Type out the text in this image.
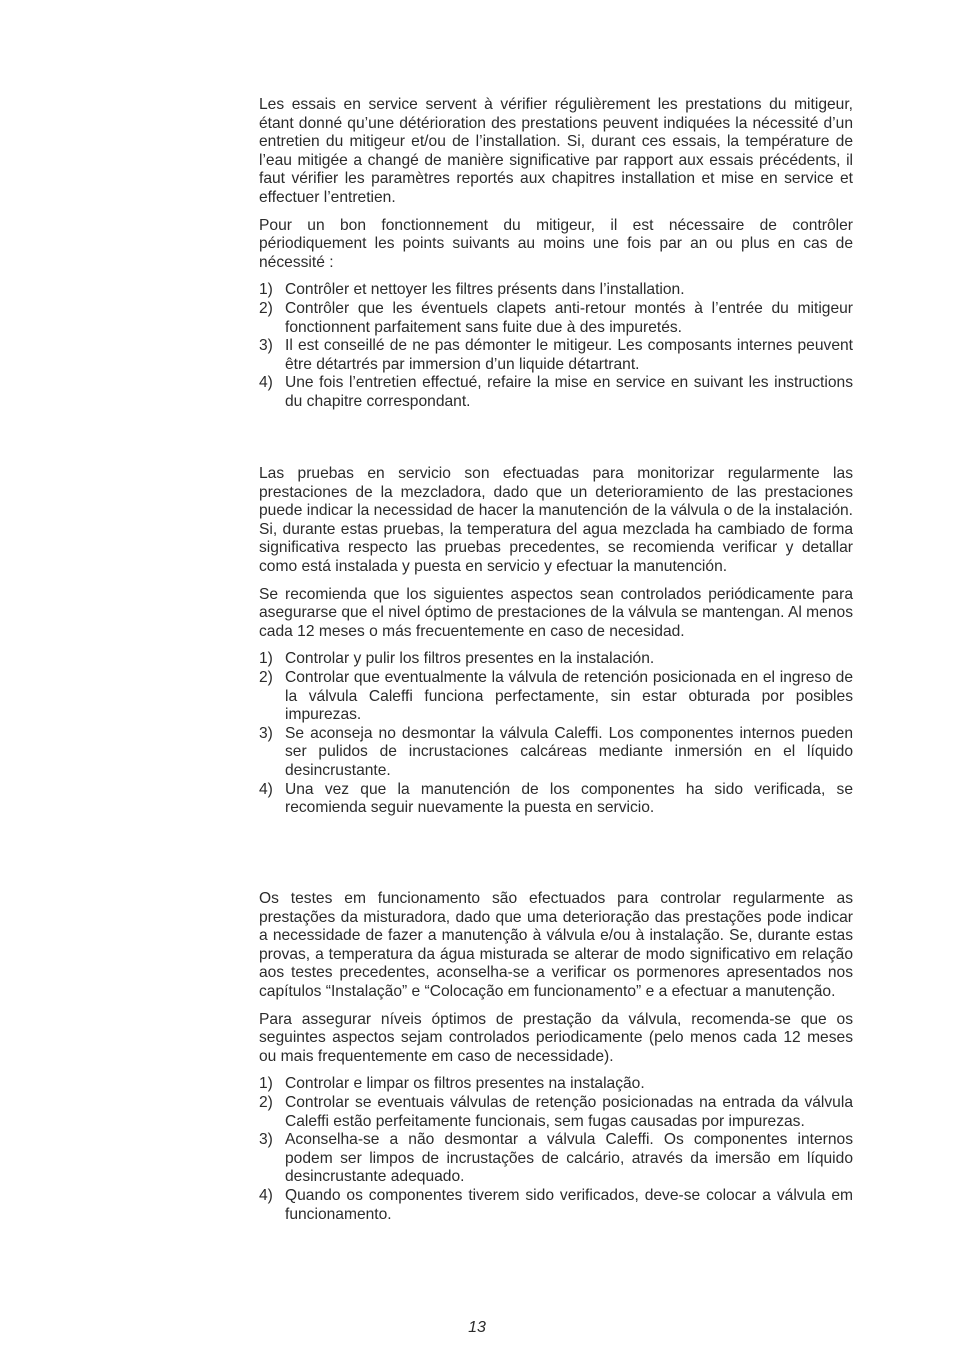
Les essais en service servent à vérifier régulièrement les prestations du mitigeur, étant donné qu’une détérioration des prestations peuvent indiquées la nécessité d’un entretien du mitigeur et/ou de l’installation. Si, durant ces essais, la température de l’eau mitigée a changé de manière significative par rapport aux essais précédents, il faut vérifier les paramètres reportés aux chapitres installation et mise en service et effectuer l’entretien.

Pour un bon fonctionnement du mitigeur, il est nécessaire de contrôler périodiquement les points suivants au moins une fois par an ou plus en cas de nécessité :

1) Contrôler et nettoyer les filtres présents dans l’installation.
2) Contrôler que les éventuels clapets anti-retour montés à l’entrée du mitigeur fonctionnent parfaitement sans fuite due à des impuretés.
3) Il est conseillé de ne pas démonter le mitigeur. Les composants internes peuvent être détartrés par immersion d’un liquide détartrant.
4) Une fois l’entretien effectué, refaire la mise en service en suivant les instructions du chapitre correspondant.

Las pruebas en servicio son efectuadas para monitorizar regularmente las prestaciones de la mezcladora, dado que un deterioramiento de las prestaciones puede indicar la necessidad de hacer la manutención de la válvula o de la instalación. Si, durante estas pruebas, la temperatura del agua mezclada ha cambiado de forma significativa respecto las pruebas precedentes, se recomienda verificar y detallar como está instalada y puesta en servicio y efectuar la manutención.

Se recomienda que los siguientes aspectos sean controlados periódicamente para asegurarse que el nivel óptimo de prestaciones de la válvula se mantengan. Al menos cada 12 meses o más frecuentemente en caso de necesidad.

1) Controlar y pulir los filtros presentes en la instalación.
2) Controlar que eventualmente la válvula de retención posicionada en el ingreso de la válvula Caleffi funciona perfectamente, sin estar obturada por posibles impurezas.
3) Se aconseja no desmontar la válvula Caleffi. Los componentes internos pueden ser pulidos de incrustaciones calcáreas mediante inmersión en el líquido desincrustante.
4) Una vez que la manutención de los componentes ha sido verificada, se recomienda seguir nuevamente la puesta en servicio.

Os testes em funcionamento são efectuados para controlar regularmente as prestações da misturadora, dado que uma deterioração das prestações pode indicar a necessidade de fazer a manutenção à válvula e/ou à instalação. Se, durante estas provas, a temperatura da água misturada se alterar de modo significativo em relação aos testes precedentes, aconselha-se a verificar os pormenores apresentados nos capítulos “Instalação” e “Colocação em funcionamento” e a efectuar a manutenção.

Para assegurar níveis óptimos de prestação da válvula, recomenda-se que os seguintes aspectos sejam controlados periodicamente (pelo menos cada 12 meses ou mais frequentemente em caso de necessidade).

1) Controlar e limpar os filtros presentes na instalação.
2) Controlar se eventuais válvulas de retenção posicionadas na entrada da válvula Caleffi estão perfeitamente funcionais, sem fugas causadas por impurezas.
3) Aconselha-se a não desmontar a válvula Caleffi. Os componentes internos podem ser limpos de incrustações de calcário, através da imersão em líquido desincrustante adequado.
4) Quando os componentes tiverem sido verificados, deve-se colocar a válvula em funcionamento.
13
